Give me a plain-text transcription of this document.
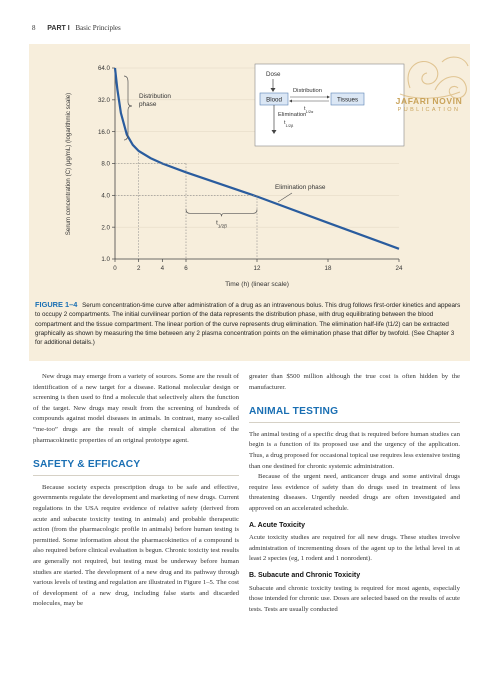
8 PART I Basic Principles
1.0
2.0
4.0
8.0
16.0
32.0
64.0
0	2	4	6	12	18	24
Serum concentration (C) (μg/mL) (logarithmic scale)
Time (h) (linear scale)
Distribution phase
Elimination phase
$t_{1/2\beta}$
Dose
Blood	Tissues
Distribution
$t_{1/2\alpha}$
Elimination
$t_{1/2\beta}$
JAFARI NOVIN
PUBLICATION
FIGURE 1–4 Serum concentration-time curve after administration of a drug as an intravenous bolus. This drug follows first-order kinetics and appears to occupy 2 compartments. The initial curvilinear portion of the data represents the distribution phase, with drug equilibrating between the blood compartment and the tissue compartment. The linear portion of the curve represents drug elimination. The elimination half-life (t1/2) can be extracted graphically as shown by measuring the time between any 2 plasma concentration points on the elimination phase that differ by twofold. (See Chapter 3 for additional details.)

New drugs may emerge from a variety of sources. Some are the result of identification of a new target for a disease. Rational molecular design or screening is then used to find a molecule that selectively alters the function of the target. New drugs may result from the screening of hundreds of compounds against model diseases in animals. In contrast, many so-called “me-too” drugs are the result of simple chemical alteration of the pharmacokinetic properties of an original prototype agent.

SAFETY & EFFICACY

Because society expects prescription drugs to be safe and effective, governments regulate the development and marketing of new drugs. Current regulations in the USA require evidence of relative safety (derived from acute and subacute toxicity testing in animals) and probable therapeutic action (from the pharmacologic profile in animals) before human testing is permitted. Some information about the pharmacokinetics of a compound is also required before clinical evaluation is begun. Chronic toxicity test results are generally not required, but testing must be underway before human studies are started. The development of a new drug and its pathway through various levels of testing and regulation are illustrated in Figure 1–5. The cost of development of a new drug, including false starts and discarded molecules, may be

greater than $500 million although the true cost is often hidden by the manufacturer.

ANIMAL TESTING

The animal testing of a specific drug that is required before human studies can begin is a function of its proposed use and the urgency of the application. Thus, a drug proposed for occasional topical use requires less extensive testing than one destined for chronic systemic administration.

Because of the urgent need, anticancer drugs and some antiviral drugs require less evidence of safety than do drugs used in treatment of less threatening diseases. Urgently needed drugs are often investigated and approved on an accelerated schedule.

A. Acute Toxicity

Acute toxicity studies are required for all new drugs. These studies involve administration of incrementing doses of the agent up to the lethal level in at least 2 species (eg, 1 rodent and 1 nonrodent).

B. Subacute and Chronic Toxicity

Subacute and chronic toxicity testing is required for most agents, especially those intended for chronic use. Doses are selected based on the results of acute tests. Tests are usually conducted
